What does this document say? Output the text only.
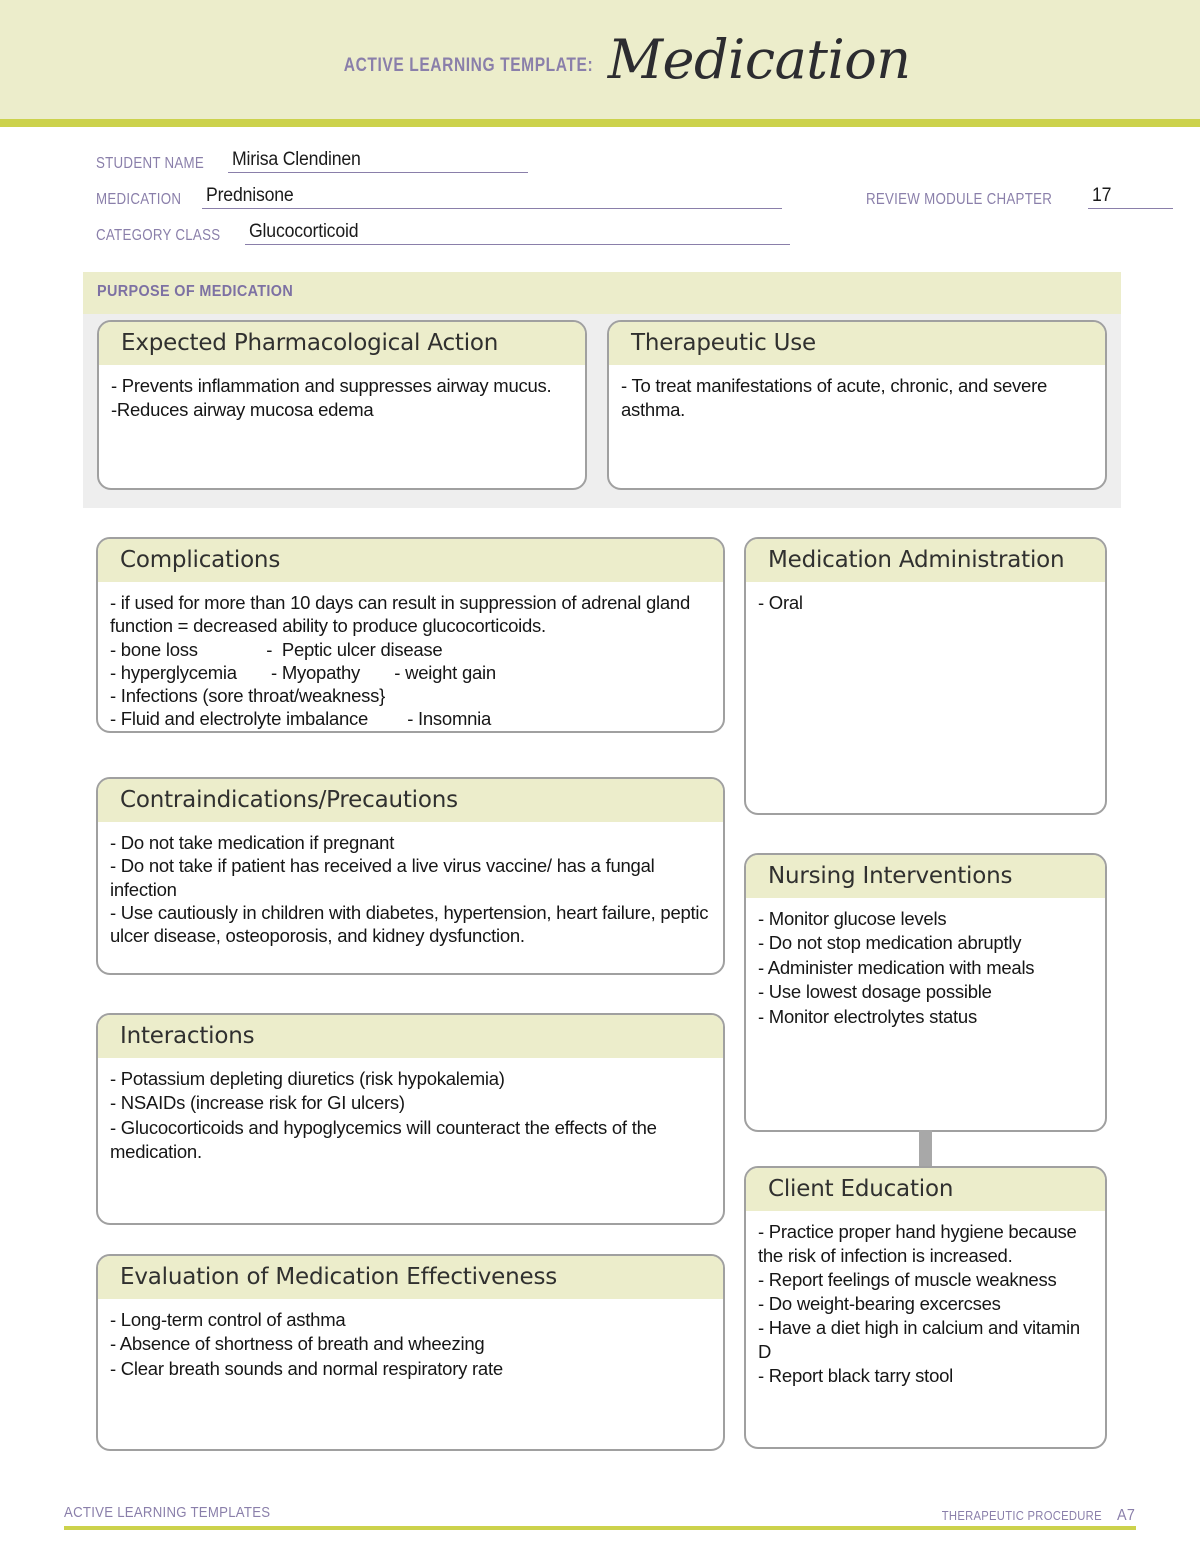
ACTIVE LEARNING TEMPLATE: Medication
STUDENT NAME Mirisa Clendinen
MEDICATION Prednisone	REVIEW MODULE CHAPTER 17
CATEGORY CLASS Glucocorticoid
PURPOSE OF MEDICATION
Expected Pharmacological Action
- Prevents inflammation and suppresses airway mucus.
-Reduces airway mucosa edema
Therapeutic Use
- To treat manifestations of acute, chronic, and severe asthma.
Complications
- if used for more than 10 days can result in suppression of adrenal gland function = decreased ability to produce glucocorticoids.
- bone loss              -  Peptic ulcer disease
- hyperglycemia       - Myopathy       - weight gain
- Infections (sore throat/weakness}
- Fluid and electrolyte imbalance        - Insomnia
Contraindications/Precautions
- Do not take medication if pregnant
- Do not take if patient has received a live virus vaccine/ has a fungal infection
- Use cautiously in children with diabetes, hypertension, heart failure, peptic ulcer disease, osteoporosis, and kidney dysfunction.
Interactions
- Potassium depleting diuretics (risk hypokalemia)
- NSAIDs (increase risk for GI ulcers)
- Glucocorticoids and hypoglycemics will counteract the effects of the medication.
Evaluation of Medication Effectiveness
- Long-term control of asthma
- Absence of shortness of breath and wheezing
- Clear breath sounds and normal respiratory rate
Medication Administration
- Oral
Nursing Interventions
- Monitor glucose levels
- Do not stop medication abruptly
- Administer medication with meals
- Use lowest dosage possible
- Monitor electrolytes status
Client Education
- Practice proper hand hygiene because the risk of infection is increased.
- Report feelings of muscle weakness
- Do weight-bearing excercses
- Have a diet high in calcium and vitamin D
- Report black tarry stool
ACTIVE LEARNING TEMPLATES	THERAPEUTIC PROCEDURE A7
